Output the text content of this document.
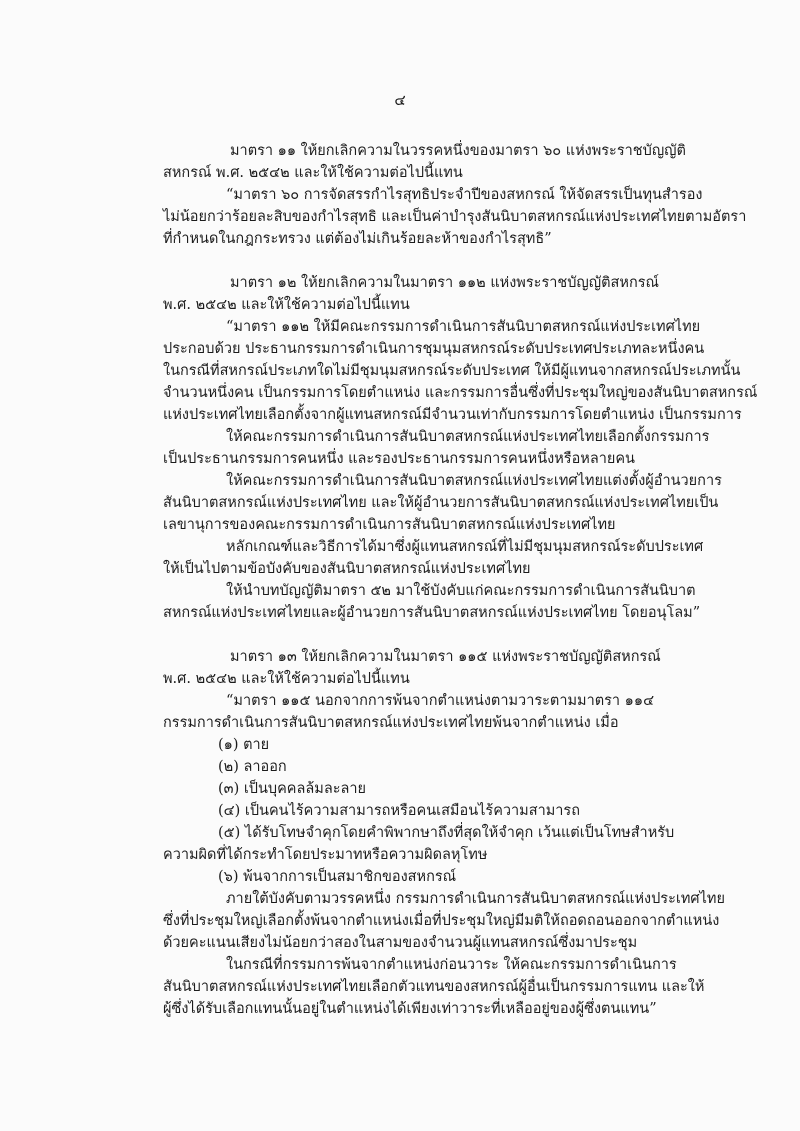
๔
มาตรา ๑๑ ให้ยกเลิกความในวรรคหนึ่งของมาตรา ๖๐ แห่งพระราชบัญญัติ
สหกรณ์ พ.ศ. ๒๕๔๒ และให้ใช้ความต่อไปนี้แทน
“มาตรา ๖๐ การจัดสรรกำไรสุทธิประจำปีของสหกรณ์ ให้จัดสรรเป็นทุนสำรอง
ไม่น้อยกว่าร้อยละสิบของกำไรสุทธิ และเป็นค่าบำรุงสันนิบาตสหกรณ์แห่งประเทศไทยตามอัตรา
ที่กำหนดในกฎกระทรวง แต่ต้องไม่เกินร้อยละห้าของกำไรสุทธิ”
มาตรา ๑๒ ให้ยกเลิกความในมาตรา ๑๑๒ แห่งพระราชบัญญัติสหกรณ์
พ.ศ. ๒๕๔๒ และให้ใช้ความต่อไปนี้แทน
“มาตรา ๑๑๒ ให้มีคณะกรรมการดำเนินการสันนิบาตสหกรณ์แห่งประเทศไทย
ประกอบด้วย ประธานกรรมการดำเนินการชุมนุมสหกรณ์ระดับประเทศประเภทละหนึ่งคน
ในกรณีที่สหกรณ์ประเภทใดไม่มีชุมนุมสหกรณ์ระดับประเทศ ให้มีผู้แทนจากสหกรณ์ประเภทนั้น
จำนวนหนึ่งคน เป็นกรรมการโดยตำแหน่ง และกรรมการอื่นซึ่งที่ประชุมใหญ่ของสันนิบาตสหกรณ์
แห่งประเทศไทยเลือกตั้งจากผู้แทนสหกรณ์มีจำนวนเท่ากับกรรมการโดยตำแหน่ง เป็นกรรมการ
ให้คณะกรรมการดำเนินการสันนิบาตสหกรณ์แห่งประเทศไทยเลือกตั้งกรรมการ
เป็นประธานกรรมการคนหนึ่ง และรองประธานกรรมการคนหนึ่งหรือหลายคน
ให้คณะกรรมการดำเนินการสันนิบาตสหกรณ์แห่งประเทศไทยแต่งตั้งผู้อำนวยการ
สันนิบาตสหกรณ์แห่งประเทศไทย และให้ผู้อำนวยการสันนิบาตสหกรณ์แห่งประเทศไทยเป็น
เลขานุการของคณะกรรมการดำเนินการสันนิบาตสหกรณ์แห่งประเทศไทย
หลักเกณฑ์และวิธีการได้มาซึ่งผู้แทนสหกรณ์ที่ไม่มีชุมนุมสหกรณ์ระดับประเทศ
ให้เป็นไปตามข้อบังคับของสันนิบาตสหกรณ์แห่งประเทศไทย
ให้นำบทบัญญัติมาตรา ๕๒ มาใช้บังคับแก่คณะกรรมการดำเนินการสันนิบาต
สหกรณ์แห่งประเทศไทยและผู้อำนวยการสันนิบาตสหกรณ์แห่งประเทศไทย โดยอนุโลม”
มาตรา ๑๓ ให้ยกเลิกความในมาตรา ๑๑๕ แห่งพระราชบัญญัติสหกรณ์
พ.ศ. ๒๕๔๒ และให้ใช้ความต่อไปนี้แทน
“มาตรา ๑๑๕ นอกจากการพ้นจากตำแหน่งตามวาระตามมาตรา ๑๑๔
กรรมการดำเนินการสันนิบาตสหกรณ์แห่งประเทศไทยพ้นจากตำแหน่ง เมื่อ
(๑) ตาย
(๒) ลาออก
(๓) เป็นบุคคลล้มละลาย
(๔) เป็นคนไร้ความสามารถหรือคนเสมือนไร้ความสามารถ
(๕) ได้รับโทษจำคุกโดยคำพิพากษาถึงที่สุดให้จำคุก เว้นแต่เป็นโทษสำหรับ
ความผิดที่ได้กระทำโดยประมาทหรือความผิดลหุโทษ
(๖) พ้นจากการเป็นสมาชิกของสหกรณ์
ภายใต้บังคับตามวรรคหนึ่ง กรรมการดำเนินการสันนิบาตสหกรณ์แห่งประเทศไทย
ซึ่งที่ประชุมใหญ่เลือกตั้งพ้นจากตำแหน่งเมื่อที่ประชุมใหญ่มีมติให้ถอดถอนออกจากตำแหน่ง
ด้วยคะแนนเสียงไม่น้อยกว่าสองในสามของจำนวนผู้แทนสหกรณ์ซึ่งมาประชุม
ในกรณีที่กรรมการพ้นจากตำแหน่งก่อนวาระ ให้คณะกรรมการดำเนินการ
สันนิบาตสหกรณ์แห่งประเทศไทยเลือกตัวแทนของสหกรณ์ผู้อื่นเป็นกรรมการแทน และให้
ผู้ซึ่งได้รับเลือกแทนนั้นอยู่ในตำแหน่งได้เพียงเท่าวาระที่เหลืออยู่ของผู้ซึ่งตนแทน”
